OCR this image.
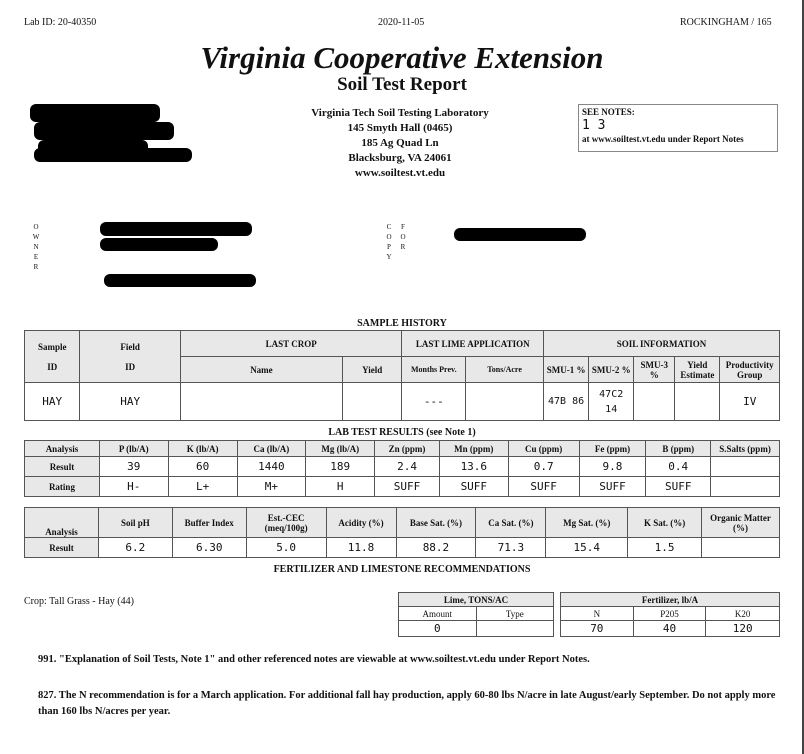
Lab ID: 20-40350	2020-11-05	ROCKINGHAM / 165
Virginia Cooperative Extension
Soil Test Report
Virginia Tech Soil Testing Laboratory
145 Smyth Hall (0465)
185 Ag Quad Ln
Blacksburg, VA 24061
www.soiltest.vt.edu
SEE NOTES:
1 3
at www.soiltest.vt.edu under Report Notes
O
W
N
E
R
C
O
P
Y
F
O
R
SAMPLE HISTORY
Sample

ID	Field

ID	LAST CROP		LAST LIME APPLICATION		SOIL INFORMATION				
		Name	Yield	Months Prev.	Tons/Acre	SMU-1 %	SMU-2 %	SMU-3 %	Yield Estimate	Productivity Group
HAY	HAY			---		47B 86	47C2 14			IV
LAB TEST RESULTS (see Note 1)
Analysis	P (lb/A)	K (lb/A)	Ca (lb/A)	Mg (lb/A)	Zn (ppm)	Mn (ppm)	Cu (ppm)	Fe (ppm)	B (ppm)	S.Salts (ppm)
Result	39	60	1440	189	2.4	13.6	0.7	9.8	0.4	
Rating	H-	L+	M+	H	SUFF	SUFF	SUFF	SUFF	SUFF	
Analysis	Soil pH	Buffer Index	Est.-CEC (meq/100g)	Acidity (%)	Base Sat. (%)	Ca Sat. (%)	Mg Sat. (%)	K Sat. (%)	Organic Matter (%)
Result	6.2	6.30	5.0	11.8	88.2	71.3	15.4	1.5	
FERTILIZER AND LIMESTONE RECOMMENDATIONS
Crop: Tall Grass - Hay (44)	Lime, TONS/AC	
Amount	Type
0	
Fertilizer, lb/A		
N	P205	K20
70	40	120
991. "Explanation of Soil Tests, Note 1" and other referenced notes are viewable at www.soiltest.vt.edu under Report Notes.
827. The N recommendation is for a March application. For additional fall hay production, apply 60-80 lbs N/acre in late August/early September. Do not apply more than 160 lbs N/acres per year.
